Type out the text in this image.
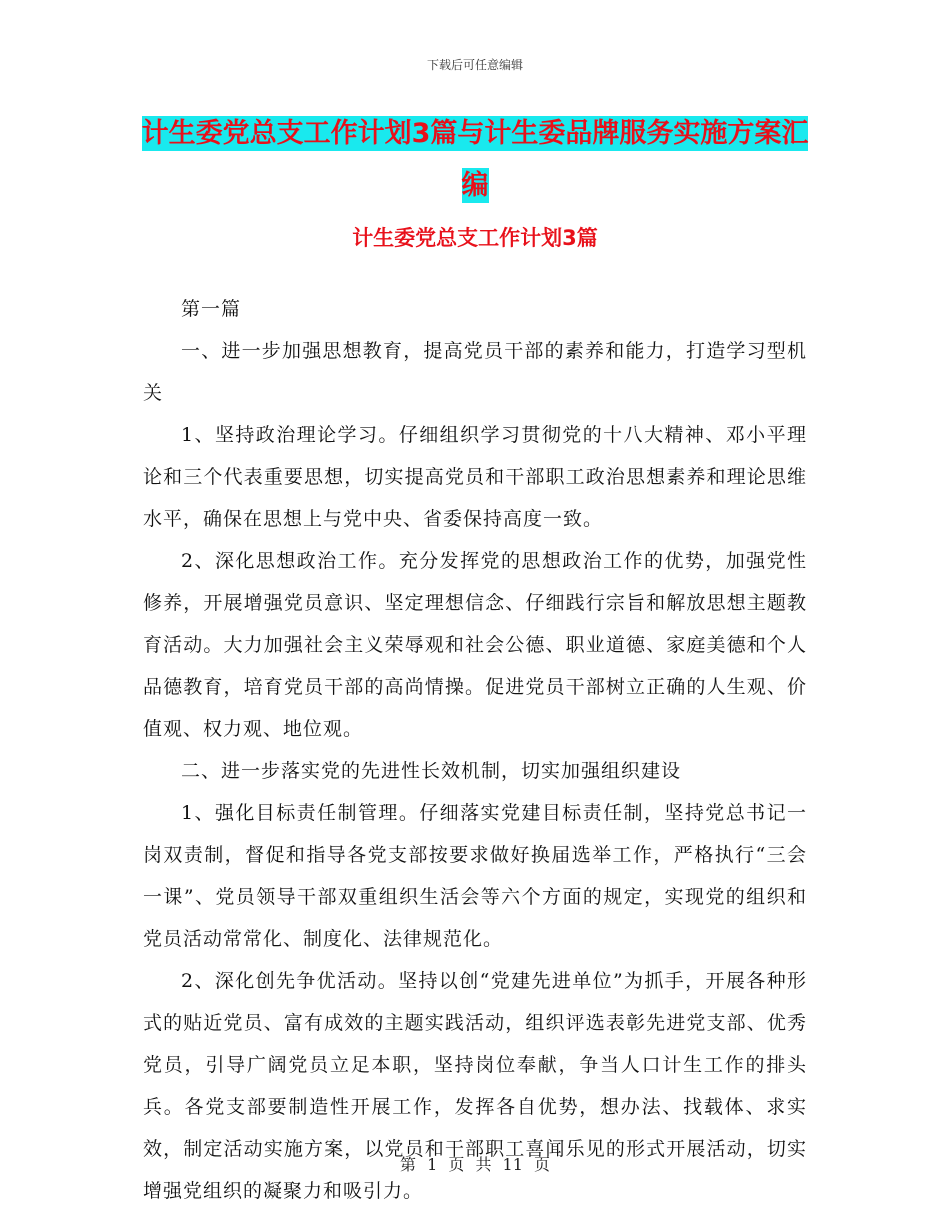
下载后可任意编辑
计生委党总支工作计划3篇与计生委品牌服务实施方案汇编
计生委党总支工作计划3篇

第一篇

一、进一步加强思想教育，提高党员干部的素养和能力，打造学习型机关

1、坚持政治理论学习。仔细组织学习贯彻党的十八大精神、邓小平理论和三个代表重要思想，切实提高党员和干部职工政治思想素养和理论思维水平，确保在思想上与党中央、省委保持高度一致。

2、深化思想政治工作。充分发挥党的思想政治工作的优势，加强党性修养，开展增强党员意识、坚定理想信念、仔细践行宗旨和解放思想主题教育活动。大力加强社会主义荣辱观和社会公德、职业道德、家庭美德和个人品德教育，培育党员干部的高尚情操。促进党员干部树立正确的人生观、价值观、权力观、地位观。

二、进一步落实党的先进性长效机制，切实加强组织建设

1、强化目标责任制管理。仔细落实党建目标责任制，坚持党总书记一岗双责制，督促和指导各党支部按要求做好换届选举工作，严格执行“三会一课”、党员领导干部双重组织生活会等六个方面的规定，实现党的组织和党员活动常常化、制度化、法律规范化。

2、深化创先争优活动。坚持以创“党建先进单位”为抓手，开展各种形式的贴近党员、富有成效的主题实践活动，组织评选表彰先进党支部、优秀党员，引导广阔党员立足本职，坚持岗位奉献，争当人口计生工作的排头兵。各党支部要制造性开展工作，发挥各自优势，想办法、找载体、求实效，制定活动实施方案，以党员和干部职工喜闻乐见的形式开展活动，切实增强党组织的凝聚力和吸引力。

第 1 页 共 11 页
